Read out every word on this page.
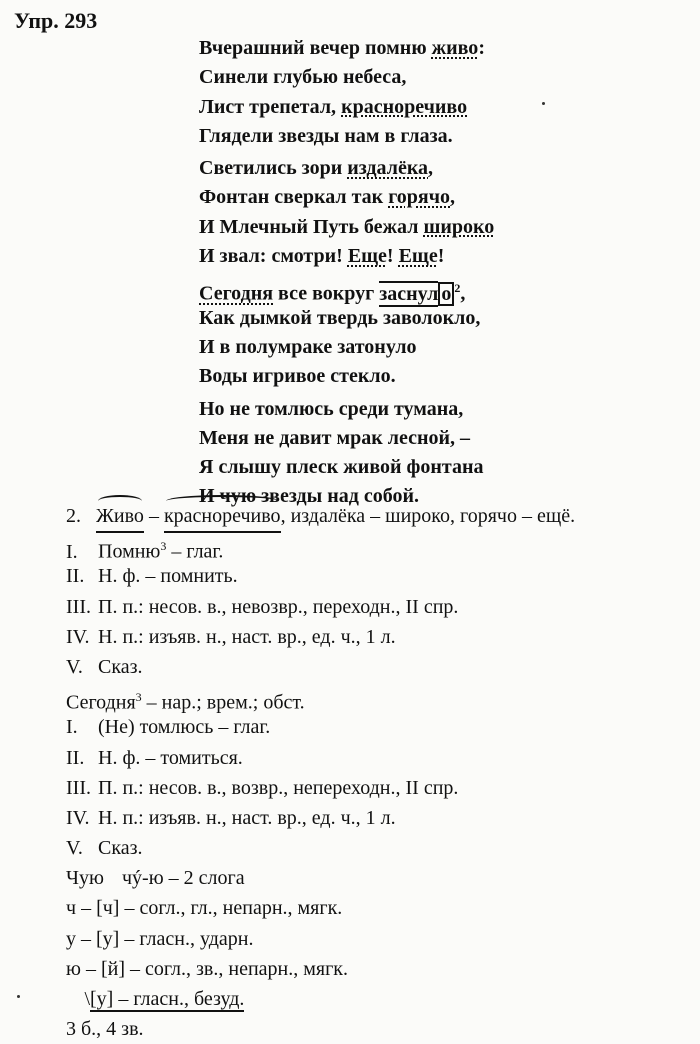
Упр. 293
Вчерашний вечер помню живо:
Синели глубью небеса,
Лист трепетал, красноречиво
Глядели звезды нам в глаза.
Светились зори издалёка,
Фонтан сверкал так горячо,
И Млечный Путь бежал широко
И звал: смотри! Еще! Еще!
Сегодня все вокруг заснул о $^2$,
Как дымкой твердь заволокло,
И в полумраке затонуло
Воды игривое стекло.
Но не томлюсь среди тумана,
Меня не давит мрак лесной, –
Я слышу плеск живой фонтана
И чую звезды над собой.
2. Живо – красноречиво, издалёка – широко, горячо – ещё.
I. Помню$^3$ – глаг.
II. Н. ф. – помнить.
III. П. п.: несов. в., невозвр., переходн., II спр.
IV. Н. п.: изъяв. н., наст. вр., ед. ч., 1 л.
V. Сказ.
Сегодня$^3$ – нар.; врем.; обст.
I. (Не) томлюсь – глаг.
II. Н. ф. – томиться.
III. П. п.: несов. в., возвр., непереходн., II спр.
IV. Н. п.: изъяв. н., наст. вр., ед. ч., 1 л.
V. Сказ.
Чую чý-ю – 2 слога
ч – [ч] – согл., гл., непарн., мягк.
у – [у] – гласн., ударн.
ю – [й] – согл., зв., непарн., мягк.
\[у] – гласн., безуд.
3 б., 4 зв.
